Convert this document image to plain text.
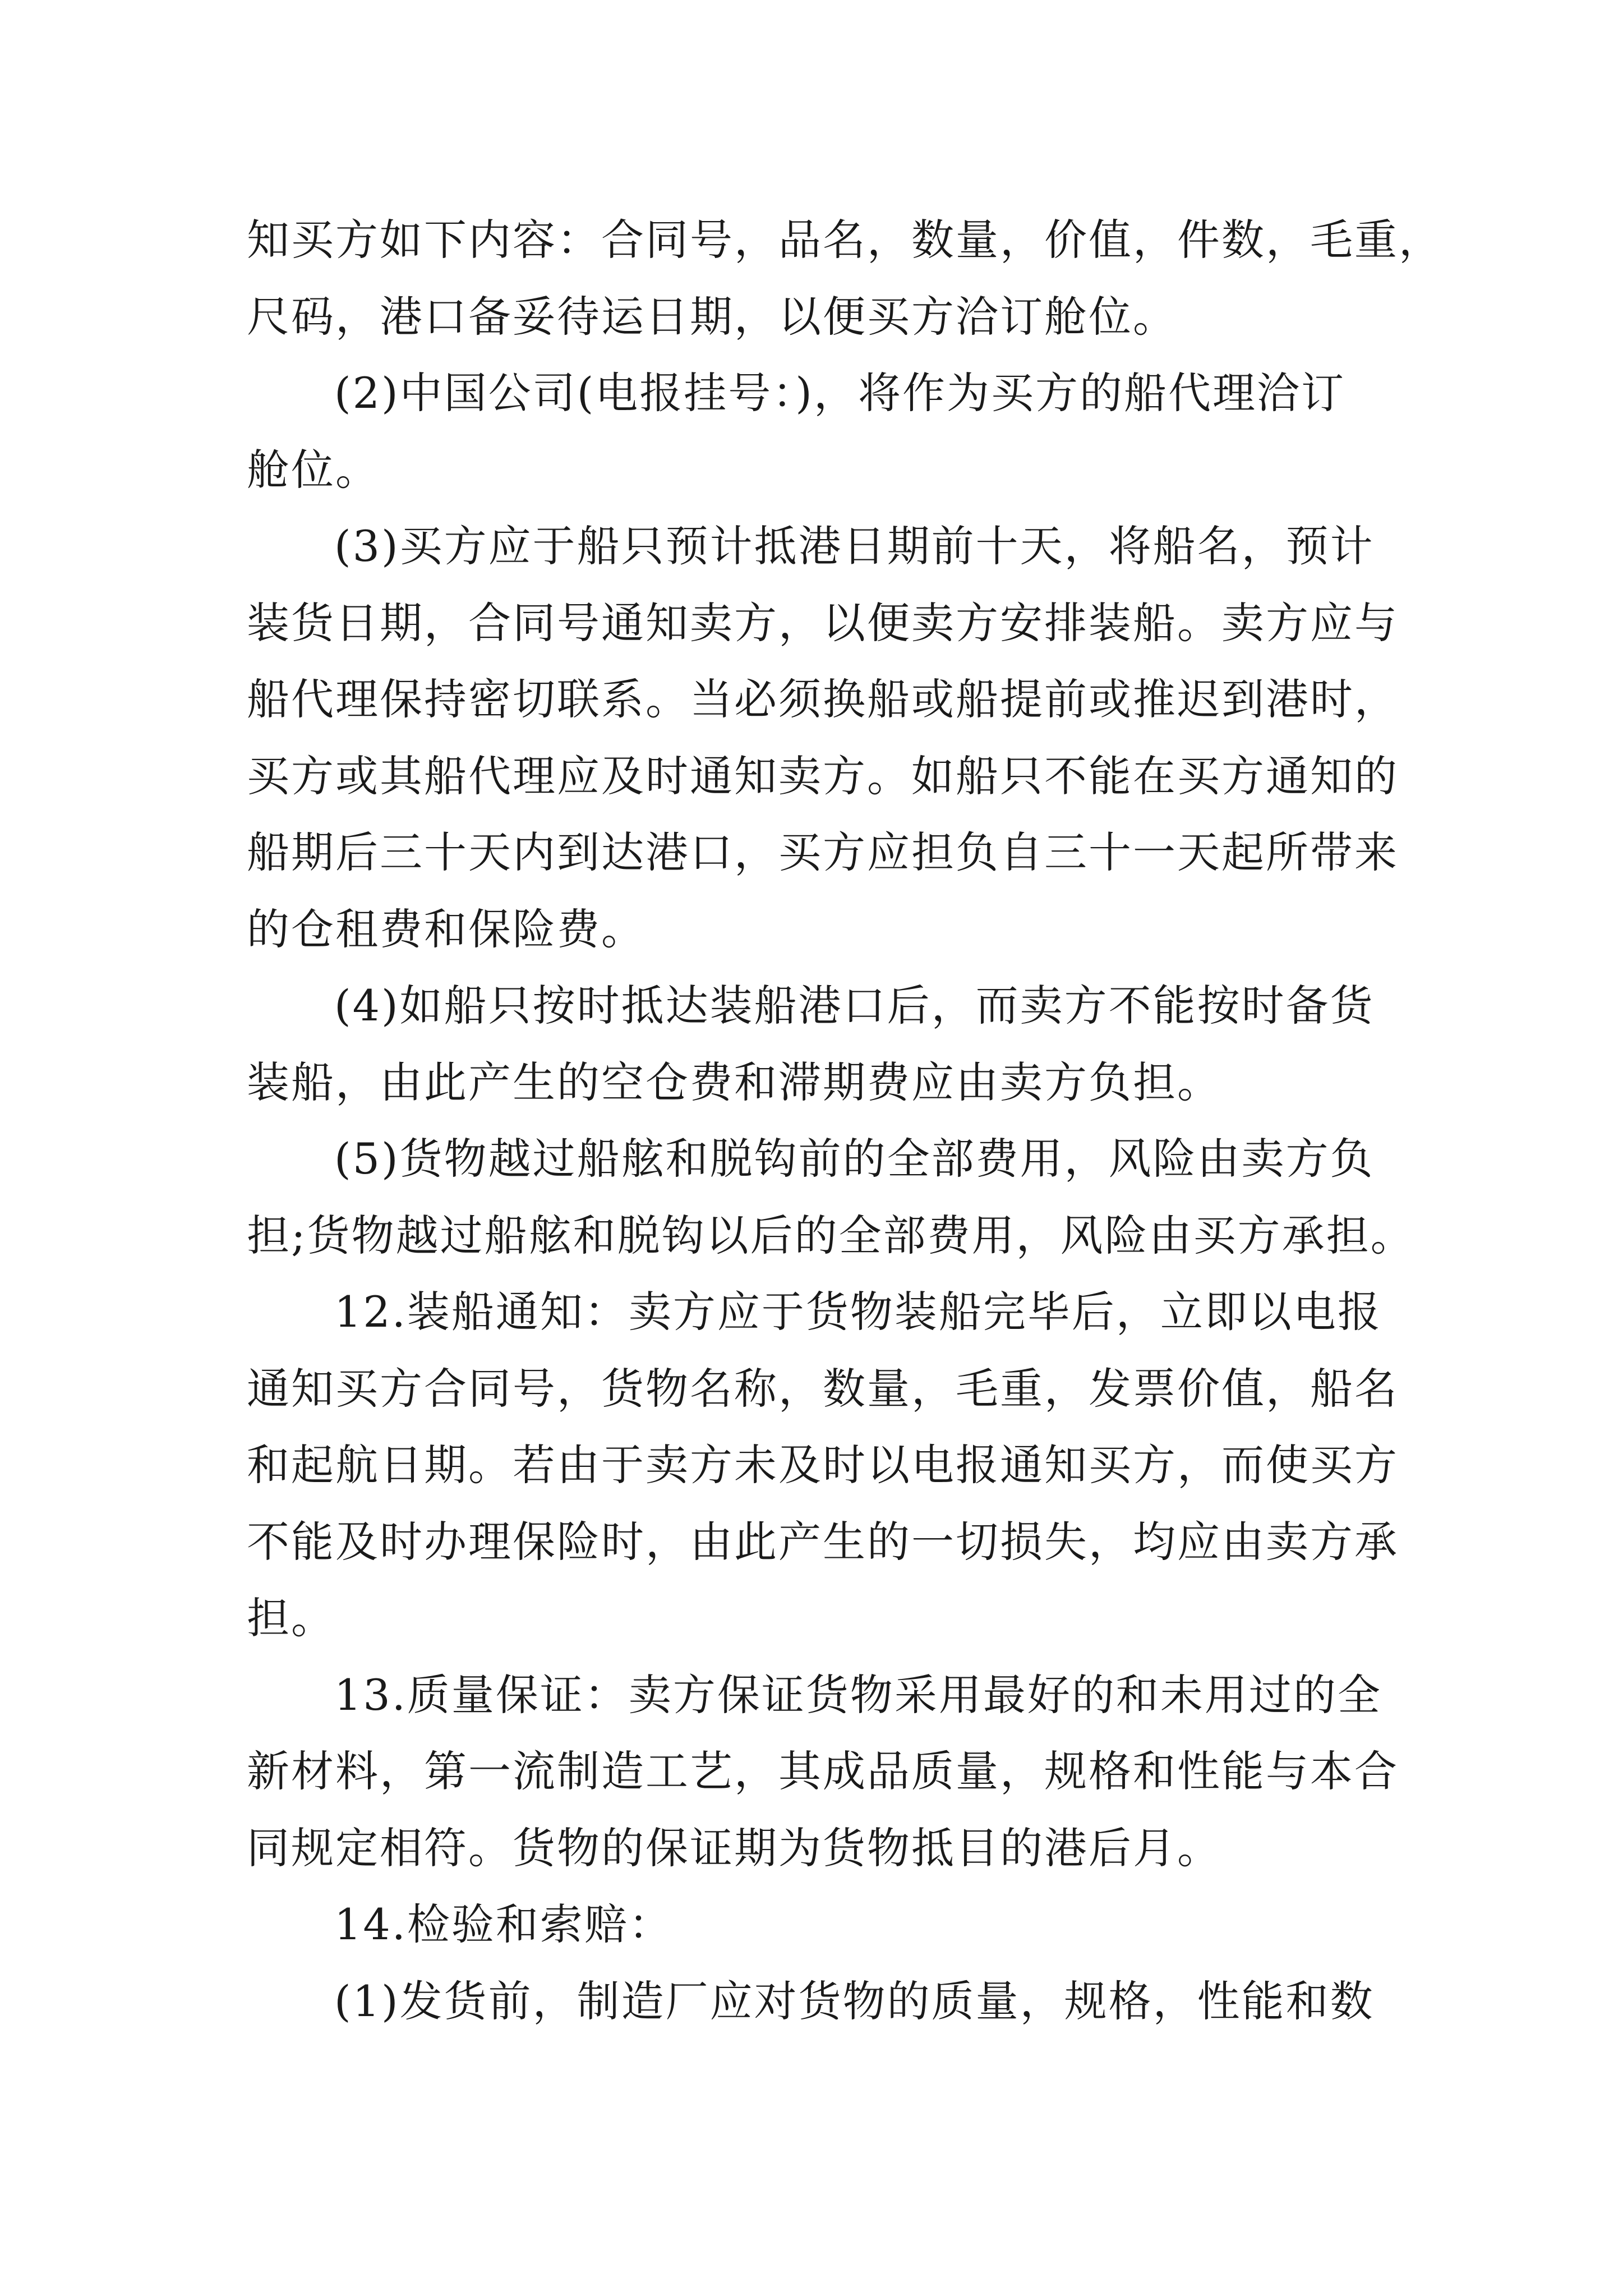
知买方如下内容：合同号，品名，数量，价值，件数，毛重，
尺码，港口备妥待运日期，以便买方洽订舱位。
(2)中国公司(电报挂号：)，将作为买方的船代理洽订
舱位。
(3)买方应于船只预计抵港日期前十天，将船名，预计
装货日期，合同号通知卖方，以便卖方安排装船。卖方应与
船代理保持密切联系。当必须换船或船提前或推迟到港时，
买方或其船代理应及时通知卖方。如船只不能在买方通知的
船期后三十天内到达港口，买方应担负自三十一天起所带来
的仓租费和保险费。
(4)如船只按时抵达装船港口后，而卖方不能按时备货
装船，由此产生的空仓费和滞期费应由卖方负担。
(5)货物越过船舷和脱钩前的全部费用，风险由卖方负
担;货物越过船舷和脱钩以后的全部费用，风险由买方承担。
12.装船通知：卖方应于货物装船完毕后，立即以电报
通知买方合同号，货物名称，数量，毛重，发票价值，船名
和起航日期。若由于卖方未及时以电报通知买方，而使买方
不能及时办理保险时，由此产生的一切损失，均应由卖方承
担。
13.质量保证：卖方保证货物采用最好的和未用过的全
新材料，第一流制造工艺，其成品质量，规格和性能与本合
同规定相符。货物的保证期为货物抵目的港后月。
14.检验和索赔：
(1)发货前，制造厂应对货物的质量，规格，性能和数
